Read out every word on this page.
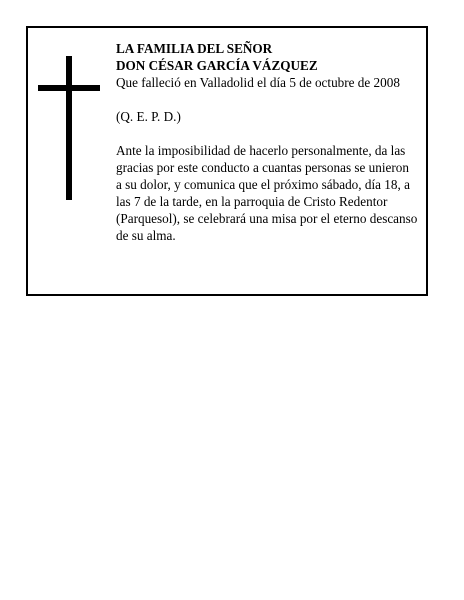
LA FAMILIA DEL SEÑOR
DON CÉSAR GARCÍA VÁZQUEZ
Que falleció en Valladolid el día 5 de octubre de 2008
(Q. E. P. D.)

Ante la imposibilidad de hacerlo personalmente, da las gracias por este conducto a cuantas personas se unieron a su dolor, y comunica que el próximo sábado, día 18, a las 7 de la tarde, en la parroquia de Cristo Redentor (Parquesol), se celebrará una misa por el eterno descanso de su alma.
